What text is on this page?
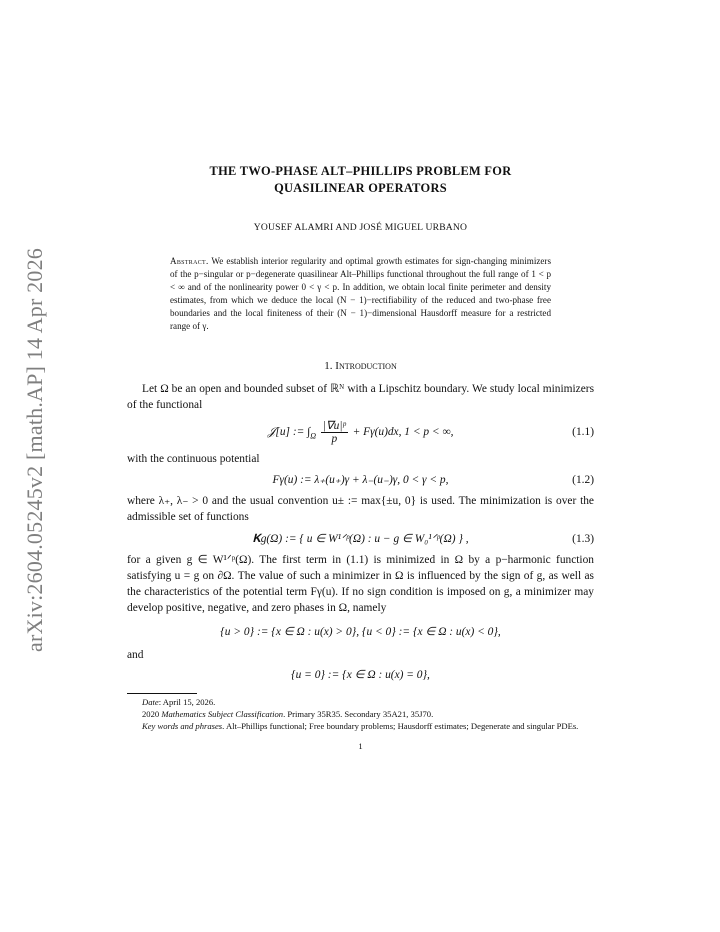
arXiv:2604.05245v2 [math.AP] 14 Apr 2026
THE TWO-PHASE ALT–PHILLIPS PROBLEM FOR
QUASILINEAR OPERATORS
YOUSEF ALAMRI AND JOSÉ MIGUEL URBANO
Abstract. We establish interior regularity and optimal growth estimates for sign-changing minimizers of the p−singular or p−degenerate quasilinear Alt–Phillips functional throughout the full range of 1 < p < ∞ and of the nonlinearity power 0 < γ < p. In addition, we obtain local finite perimeter and density estimates, from which we deduce the local (N − 1)−rectifiability of the reduced and two-phase free boundaries and the local finiteness of their (N − 1)−dimensional Hausdorff measure for a restricted range of γ.
1. Introduction

Let Ω be an open and bounded subset of ℝᴺ with a Lipschitz boundary. We study local minimizers of the functional

𝒥[u] := $\int_\Omega \frac{\text{|∇u|ᵖ}}{p} + F\gamma(u)dx$, 1 < p < ∞,	(1.1)

with the continuous potential

Fγ(u) := λ₊(u₊)γ + λ₋(u₋)γ, 0 < γ < p,	(1.2)

where λ₊, λ₋ > 0 and the usual convention u± := max{±u, 0} is used. The minimization is over the admissible set of functions

𝐊g(Ω) := { u ∈ W¹ᐟᵖ(Ω) : u − g ∈ W₀¹ᐟᵖ(Ω) } ,	(1.3)

for a given g ∈ W¹ᐟᵖ(Ω). The first term in (1.1) is minimized in Ω by a p−harmonic function satisfying u = g on ∂Ω. The value of such a minimizer in Ω is influenced by the sign of g, as well as the characteristics of the potential term Fγ(u). If no sign condition is imposed on g, a minimizer may develop positive, negative, and zero phases in Ω, namely

{u > 0} := {x ∈ Ω : u(x) > 0}, {u < 0} := {x ∈ Ω : u(x) < 0},

and

{u = 0} := {x ∈ Ω : u(x) = 0},
Date: April 15, 2026.
2020 Mathematics Subject Classification. Primary 35R35. Secondary 35A21, 35J70.
Key words and phrases. Alt–Phillips functional; Free boundary problems; Hausdorff estimates; Degenerate and singular PDEs.
1
